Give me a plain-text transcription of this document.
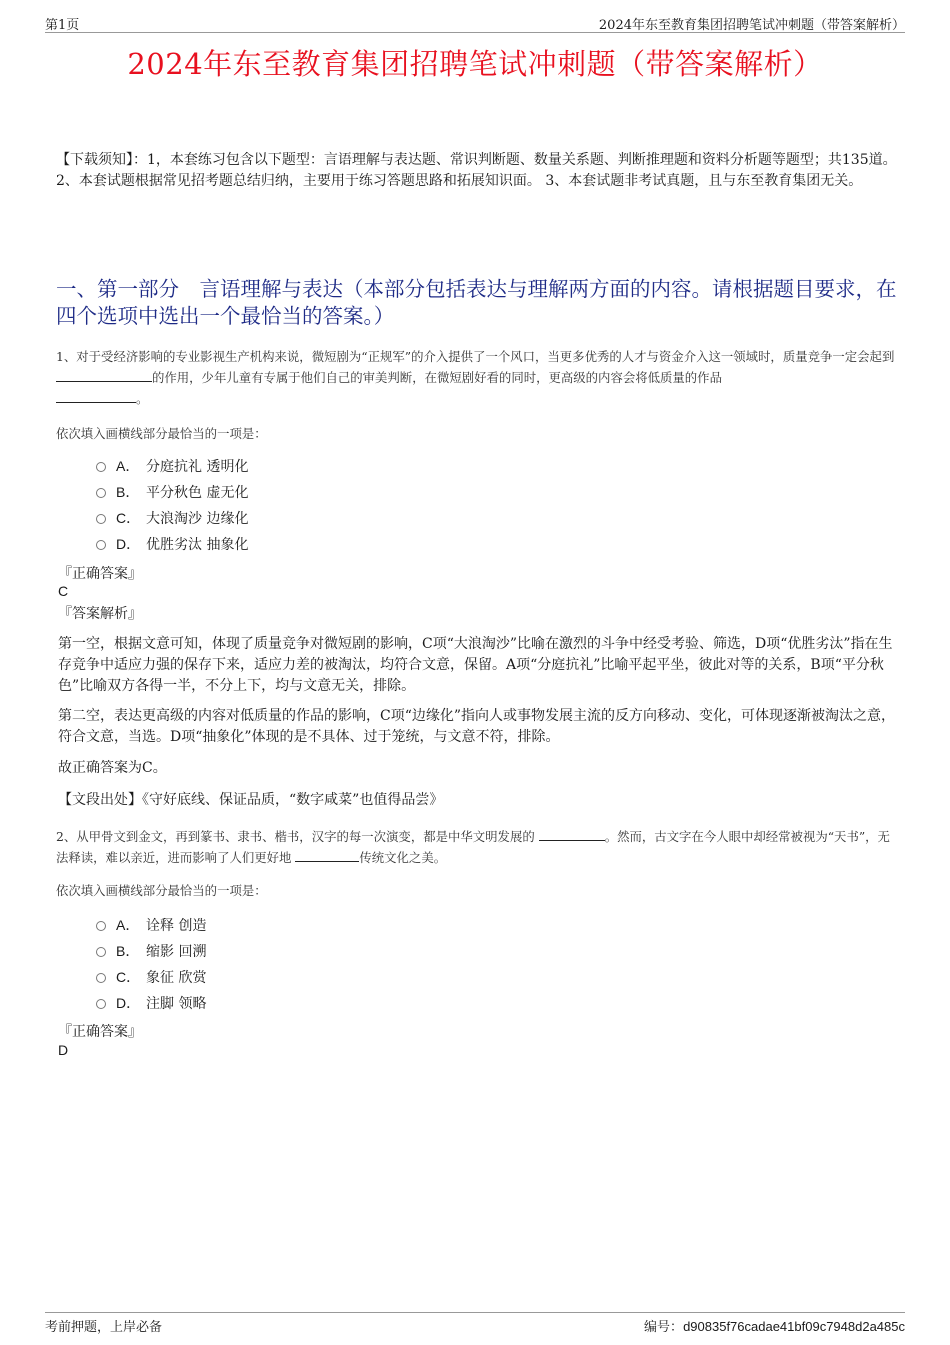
第1页	2024年东至教育集团招聘笔试冲刺题（带答案解析）
2024年东至教育集团招聘笔试冲刺题（带答案解析）
【下载须知】：1，本套练习包含以下题型：言语理解与表达题、常识判断题、数量关系题、判断推理题和资料分析题等题型；共135道。 2、本套试题根据常见招考题总结归纳，主要用于练习答题思路和拓展知识面。 3、本套试题非考试真题，且与东至教育集团无关。
一、第一部分　言语理解与表达（本部分包括表达与理解两方面的内容。请根据题目要求，在四个选项中选出一个最恰当的答案。）
1、对于受经济影响的专业影视生产机构来说，微短剧为“正规军”的介入提供了一个风口，当更多优秀的人才与资金介入这一领域时，质量竞争一定会起到 的作用，少年儿童有专属于他们自己的审美判断，在微短剧好看的同时，更高级的内容会将低质量的作品
。
依次填入画横线部分最恰当的一项是：
A． 分庭抗礼 透明化
B． 平分秋色 虚无化
C． 大浪淘沙 边缘化
D． 优胜劣汰 抽象化
『正确答案』
C
『答案解析』
第一空，根据文意可知，体现了质量竞争对微短剧的影响，C项“大浪淘沙”比喻在激烈的斗争中经受考验、筛选，D项“优胜劣汰”指在生存竞争中适应力强的保存下来，适应力差的被淘汰，均符合文意，保留。A项“分庭抗礼”比喻平起平坐，彼此对等的关系，B项“平分秋色”比喻双方各得一半，不分上下，均与文意无关，排除。
第二空，表达更高级的内容对低质量的作品的影响，C项“边缘化”指向人或事物发展主流的反方向移动、变化，可体现逐渐被淘汰之意，符合文意，当选。D项“抽象化”体现的是不具体、过于笼统，与文意不符，排除。
故正确答案为C。
【文段出处】《守好底线、保证品质，“数字咸菜”也值得品尝》
2、从甲骨文到金文，再到篆书、隶书、楷书，汉字的每一次演变，都是中华文明发展的	。然而，古文字在今人眼中却经常被视为“天书”，无法释读，难以亲近，进而影响了人们更好地	传统文化之美。
依次填入画横线部分最恰当的一项是：
A． 诠释 创造
B． 缩影 回溯
C． 象征 欣赏
D． 注脚 领略
『正确答案』
D
考前押题，上岸必备	编号：d90835f76cadae41bf09c7948d2a485c
